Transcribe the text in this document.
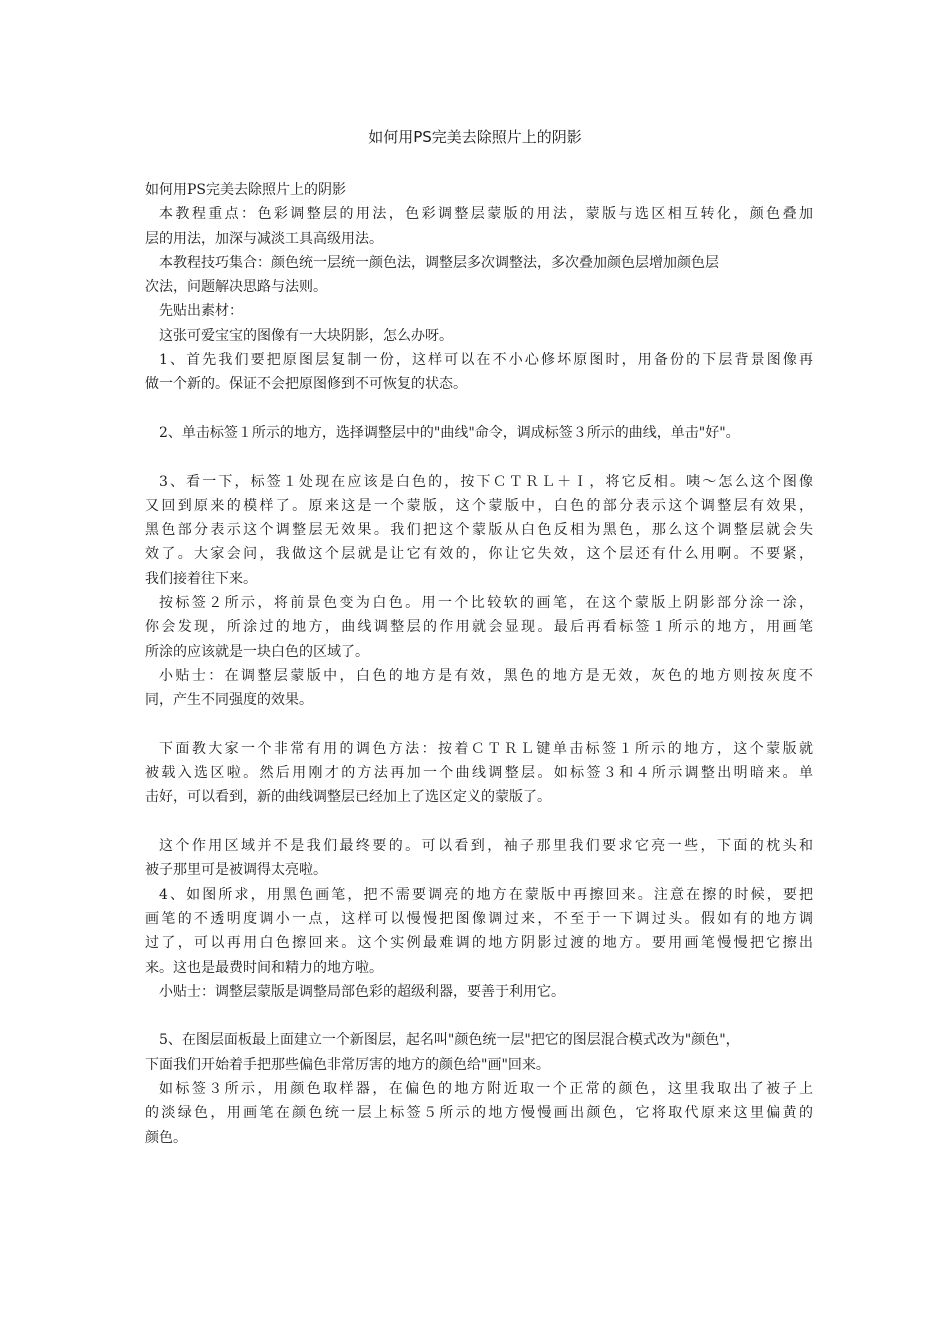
如何用PS完美去除照片上的阴影
如何用PS完美去除照片上的阴影
本教程重点：色彩调整层的用法，色彩调整层蒙版的用法，蒙版与选区相互转化，颜色叠加
层的用法，加深与减淡工具高级用法。
本教程技巧集合：颜色统一层统一颜色法，调整层多次调整法，多次叠加颜色层增加颜色层
次法，问题解决思路与法则。
先贴出素材：
这张可爱宝宝的图像有一大块阴影，怎么办呀。
1、首先我们要把原图层复制一份，这样可以在不小心修坏原图时，用备份的下层背景图像再
做一个新的。保证不会把原图修到不可恢复的状态。
2、单击标签１所示的地方，选择调整层中的"曲线"命令，调成标签３所示的曲线，单击"好"。
3、看一下，标签１处现在应该是白色的，按下ＣＴＲＬ＋Ｉ，将它反相。咦～怎么这个图像
又回到原来的模样了。原来这是一个蒙版，这个蒙版中，白色的部分表示这个调整层有效果，
黑色部分表示这个调整层无效果。我们把这个蒙版从白色反相为黑色，那么这个调整层就会失
效了。大家会问，我做这个层就是让它有效的，你让它失效，这个层还有什么用啊。不要紧，
我们接着往下来。
按标签２所示，将前景色变为白色。用一个比较软的画笔，在这个蒙版上阴影部分涂一涂，
你会发现，所涂过的地方，曲线调整层的作用就会显现。最后再看标签１所示的地方，用画笔
所涂的应该就是一块白色的区域了。
小贴士：在调整层蒙版中，白色的地方是有效，黑色的地方是无效，灰色的地方则按灰度不
同，产生不同强度的效果。
下面教大家一个非常有用的调色方法：按着ＣＴＲＬ键单击标签１所示的地方，这个蒙版就
被载入选区啦。然后用刚才的方法再加一个曲线调整层。如标签３和４所示调整出明暗来。单
击好，可以看到，新的曲线调整层已经加上了选区定义的蒙版了。
这个作用区域并不是我们最终要的。可以看到，袖子那里我们要求它亮一些，下面的枕头和
被子那里可是被调得太亮啦。
4、如图所求，用黑色画笔，把不需要调亮的地方在蒙版中再擦回来。注意在擦的时候，要把
画笔的不透明度调小一点，这样可以慢慢把图像调过来，不至于一下调过头。假如有的地方调
过了，可以再用白色擦回来。这个实例最难调的地方阴影过渡的地方。要用画笔慢慢把它擦出
来。这也是最费时间和精力的地方啦。
小贴士：调整层蒙版是调整局部色彩的超级利器，要善于利用它。
5、在图层面板最上面建立一个新图层，起名叫"颜色统一层"把它的图层混合模式改为"颜色"，
下面我们开始着手把那些偏色非常厉害的地方的颜色给"画"回来。
如标签３所示，用颜色取样器，在偏色的地方附近取一个正常的颜色，这里我取出了被子上
的淡绿色，用画笔在颜色统一层上标签５所示的地方慢慢画出颜色，它将取代原来这里偏黄的
颜色。
